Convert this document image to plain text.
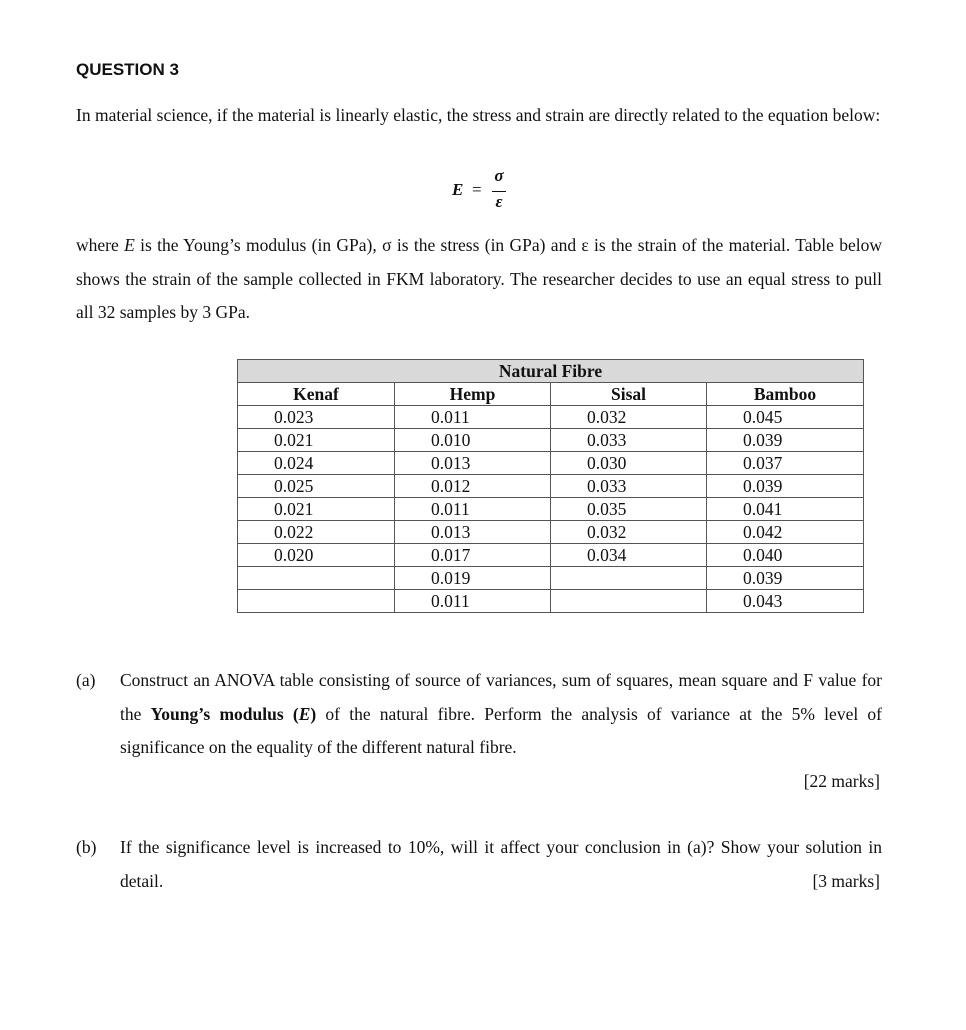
QUESTION 3

In material science, if the material is linearly elastic, the stress and strain are directly related to the equation below:

E =
σ
ε

where E is the Young’s modulus (in GPa), σ is the stress (in GPa) and ε is the strain of the material. Table below shows the strain of the sample collected in FKM laboratory. The researcher decides to use an equal stress to pull all 32 samples by 3 GPa.

Natural Fibre			
Kenaf	Hemp	Sisal	Bamboo
0.023	0.011	0.032	0.045
0.021	0.010	0.033	0.039
0.024	0.013	0.030	0.037
0.025	0.012	0.033	0.039
0.021	0.011	0.035	0.041
0.022	0.013	0.032	0.042
0.020	0.017	0.034	0.040
	0.019		0.039
	0.011		0.043
(a) Construct an ANOVA table consisting of source of variances, sum of squares, mean square and F value for the Young’s modulus (E) of the natural fibre. Perform the analysis of variance at the 5% level of significance on the equality of the different natural fibre.

[22 marks]
(b) If the significance level is increased to 10%, will it affect your conclusion in (a)? Show your solution in detail.	[3 marks]
